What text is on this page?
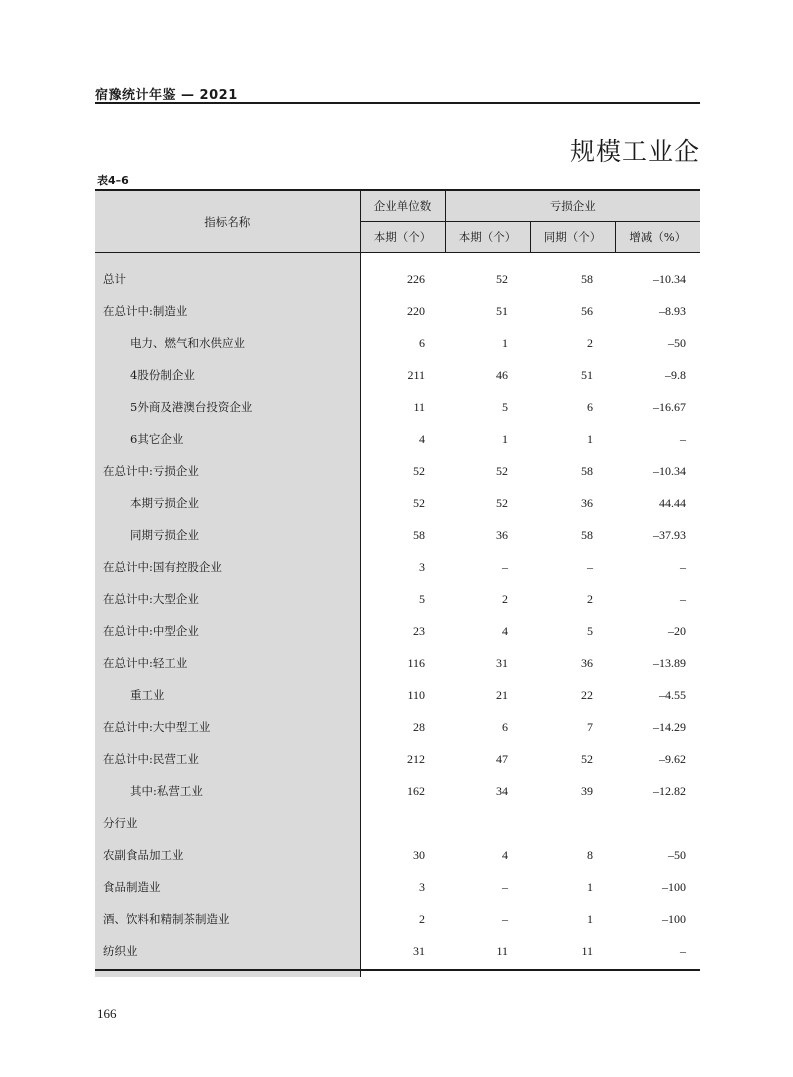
宿豫统计年鉴 — 2021
规模工业企
表4–6
指标名称	企业单位数	亏损企业		
	本期（个）	本期（个）	同期（个）	增减（%）

总计	226	52	58	–10.34
在总计中:制造业	220	51	56	–8.93
电力、燃气和水供应业	6	1	2	–50
4股份制企业	211	46	51	–9.8
5外商及港澳台投资企业	11	5	6	–16.67
6其它企业	4	1	1	–
在总计中:亏损企业	52	52	58	–10.34
本期亏损企业	52	52	36	44.44
同期亏损企业	58	36	58	–37.93
在总计中:国有控股企业	3	–	–	–
在总计中:大型企业	5	2	2	–
在总计中:中型企业	23	4	5	–20
在总计中:轻工业	116	31	36	–13.89
重工业	110	21	22	–4.55
在总计中:大中型工业	28	6	7	–14.29
在总计中:民营工业	212	47	52	–9.62
其中:私营工业	162	34	39	–12.82
分行业				
农副食品加工业	30	4	8	–50
食品制造业	3	–	1	–100
酒、饮料和精制茶制造业	2	–	1	–100
纺织业	31	11	11	–

166
